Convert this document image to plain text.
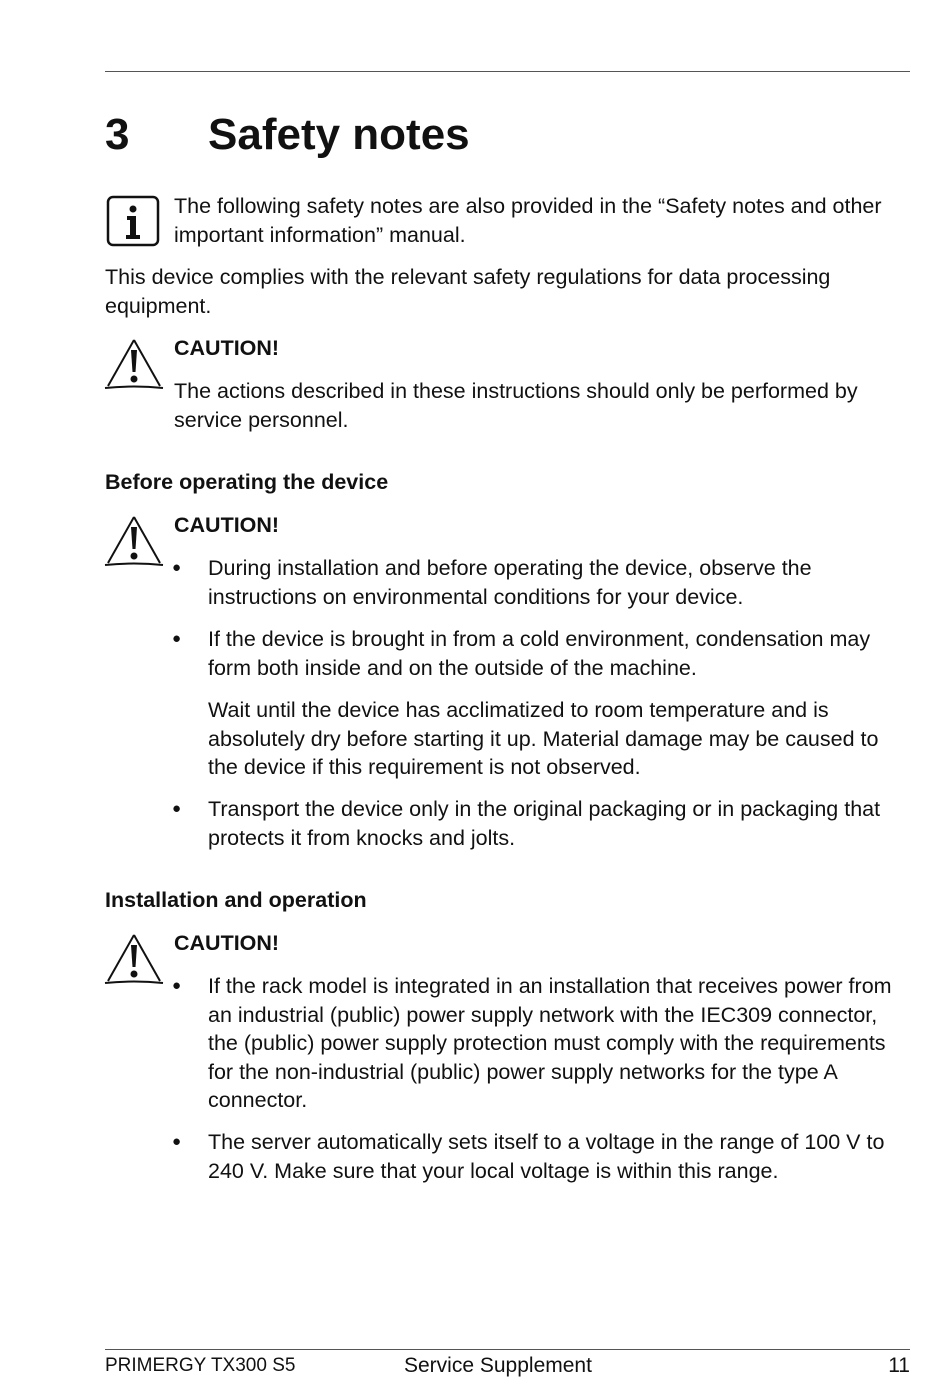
3 Safety notes
The following safety notes are also provided in the “Safety notes and other important information” manual.
This device complies with the relevant safety regulations for data processing equipment.
CAUTION!
The actions described in these instructions should only be performed by service personnel.
Before operating the device
CAUTION!
● During installation and before operating the device, observe the instructions on environmental conditions for your device.
● If the device is brought in from a cold environment, condensation may form both inside and on the outside of the machine.
Wait until the device has acclimatized to room temperature and is absolutely dry before starting it up. Material damage may be caused to the device if this requirement is not observed.
● Transport the device only in the original packaging or in packaging that protects it from knocks and jolts.
Installation and operation
CAUTION!
● If the rack model is integrated in an installation that receives power from an industrial (public) power supply network with the IEC309 connector, the (public) power supply protection must comply with the requirements for the non-industrial (public) power supply networks for the type A connector.
● The server automatically sets itself to a voltage in the range of 100 V to 240 V. Make sure that your local voltage is within this range.
PRIMERGY TX300 S5	Service Supplement	11
